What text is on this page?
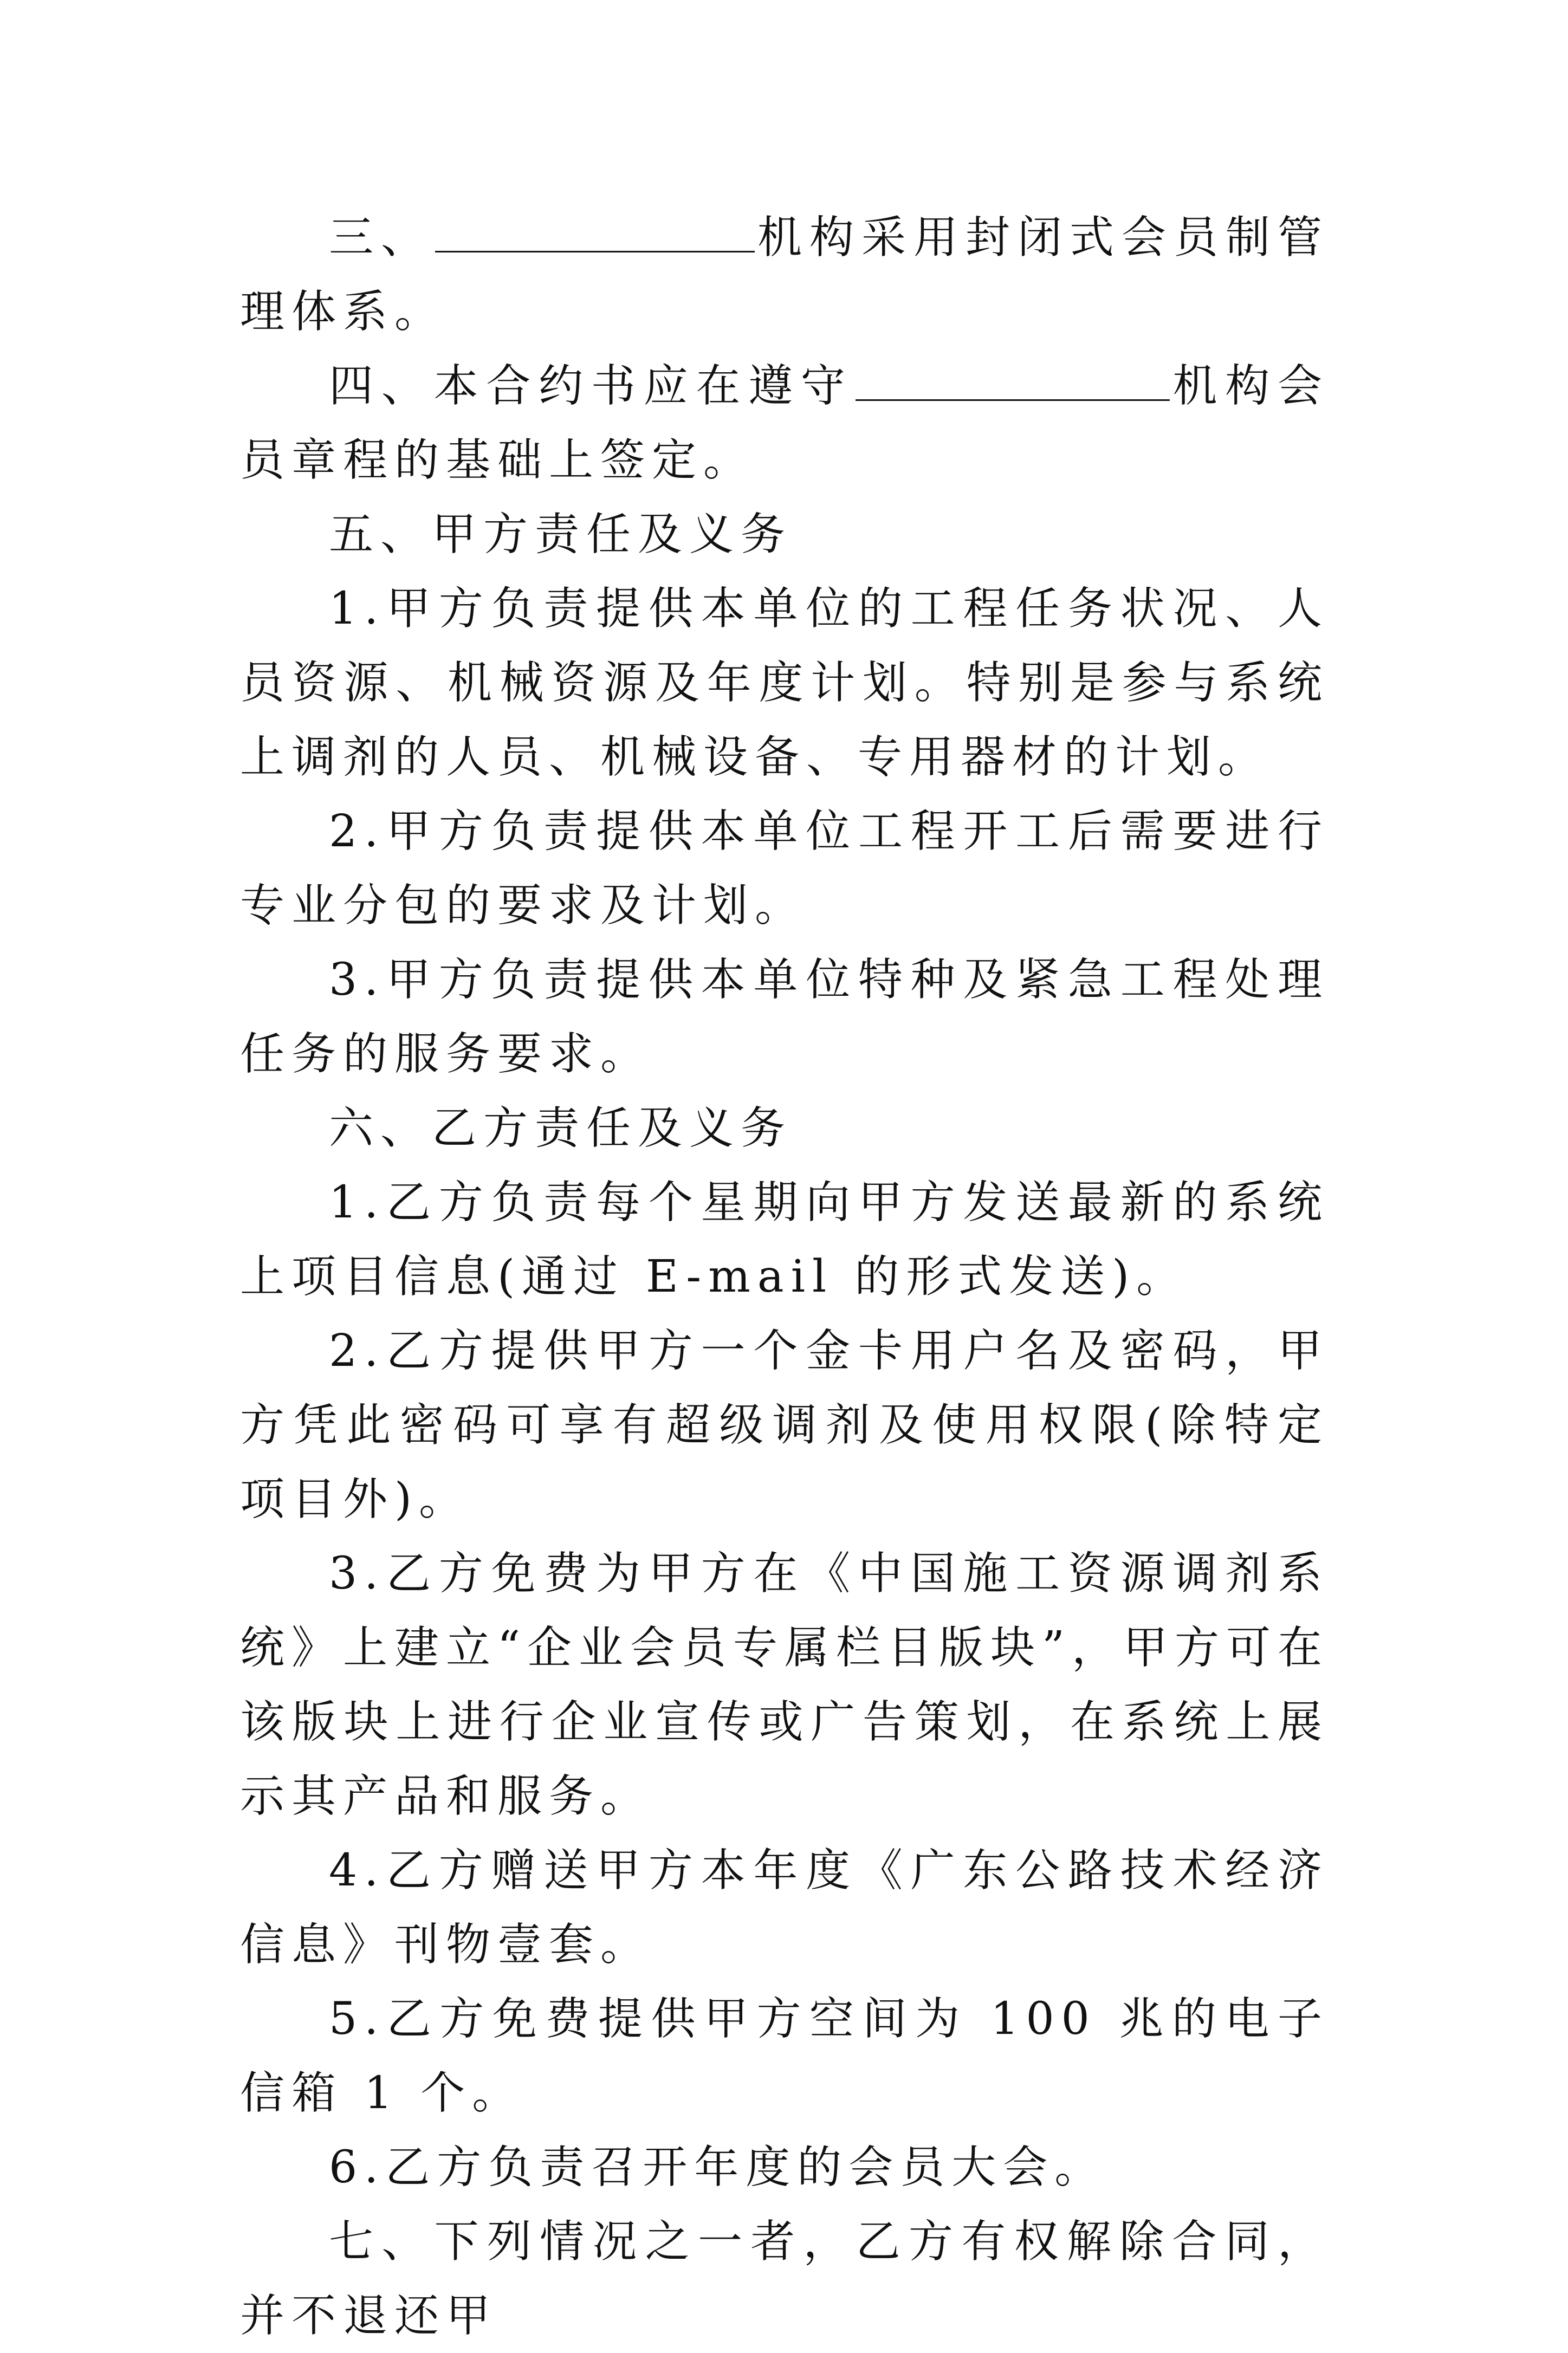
三、	机构采用封闭式会员制管理体系。

四、本合约书应在遵守	机构会员章程的基础上签定。

五、甲方责任及义务

1.甲方负责提供本单位的工程任务状况、人员资源、机械资源及年度计划。特别是参与系统上调剂的人员、机械设备、专用器材的计划。

2.甲方负责提供本单位工程开工后需要进行专业分包的要求及计划。

3.甲方负责提供本单位特种及紧急工程处理任务的服务要求。

六、乙方责任及义务

1.乙方负责每个星期向甲方发送最新的系统上项目信息(通过 E-mail 的形式发送)。

2.乙方提供甲方一个金卡用户名及密码，甲方凭此密码可享有超级调剂及使用权限(除特定项目外)。

3.乙方免费为甲方在《中国施工资源调剂系统》上建立“企业会员专属栏目版块”，甲方可在该版块上进行企业宣传或广告策划，在系统上展示其产品和服务。

4.乙方赠送甲方本年度《广东公路技术经济信息》刊物壹套。

5.乙方免费提供甲方空间为 100 兆的电子信箱 1 个。

6.乙方负责召开年度的会员大会。

七、下列情况之一者，乙方有权解除合同，并不退还甲
